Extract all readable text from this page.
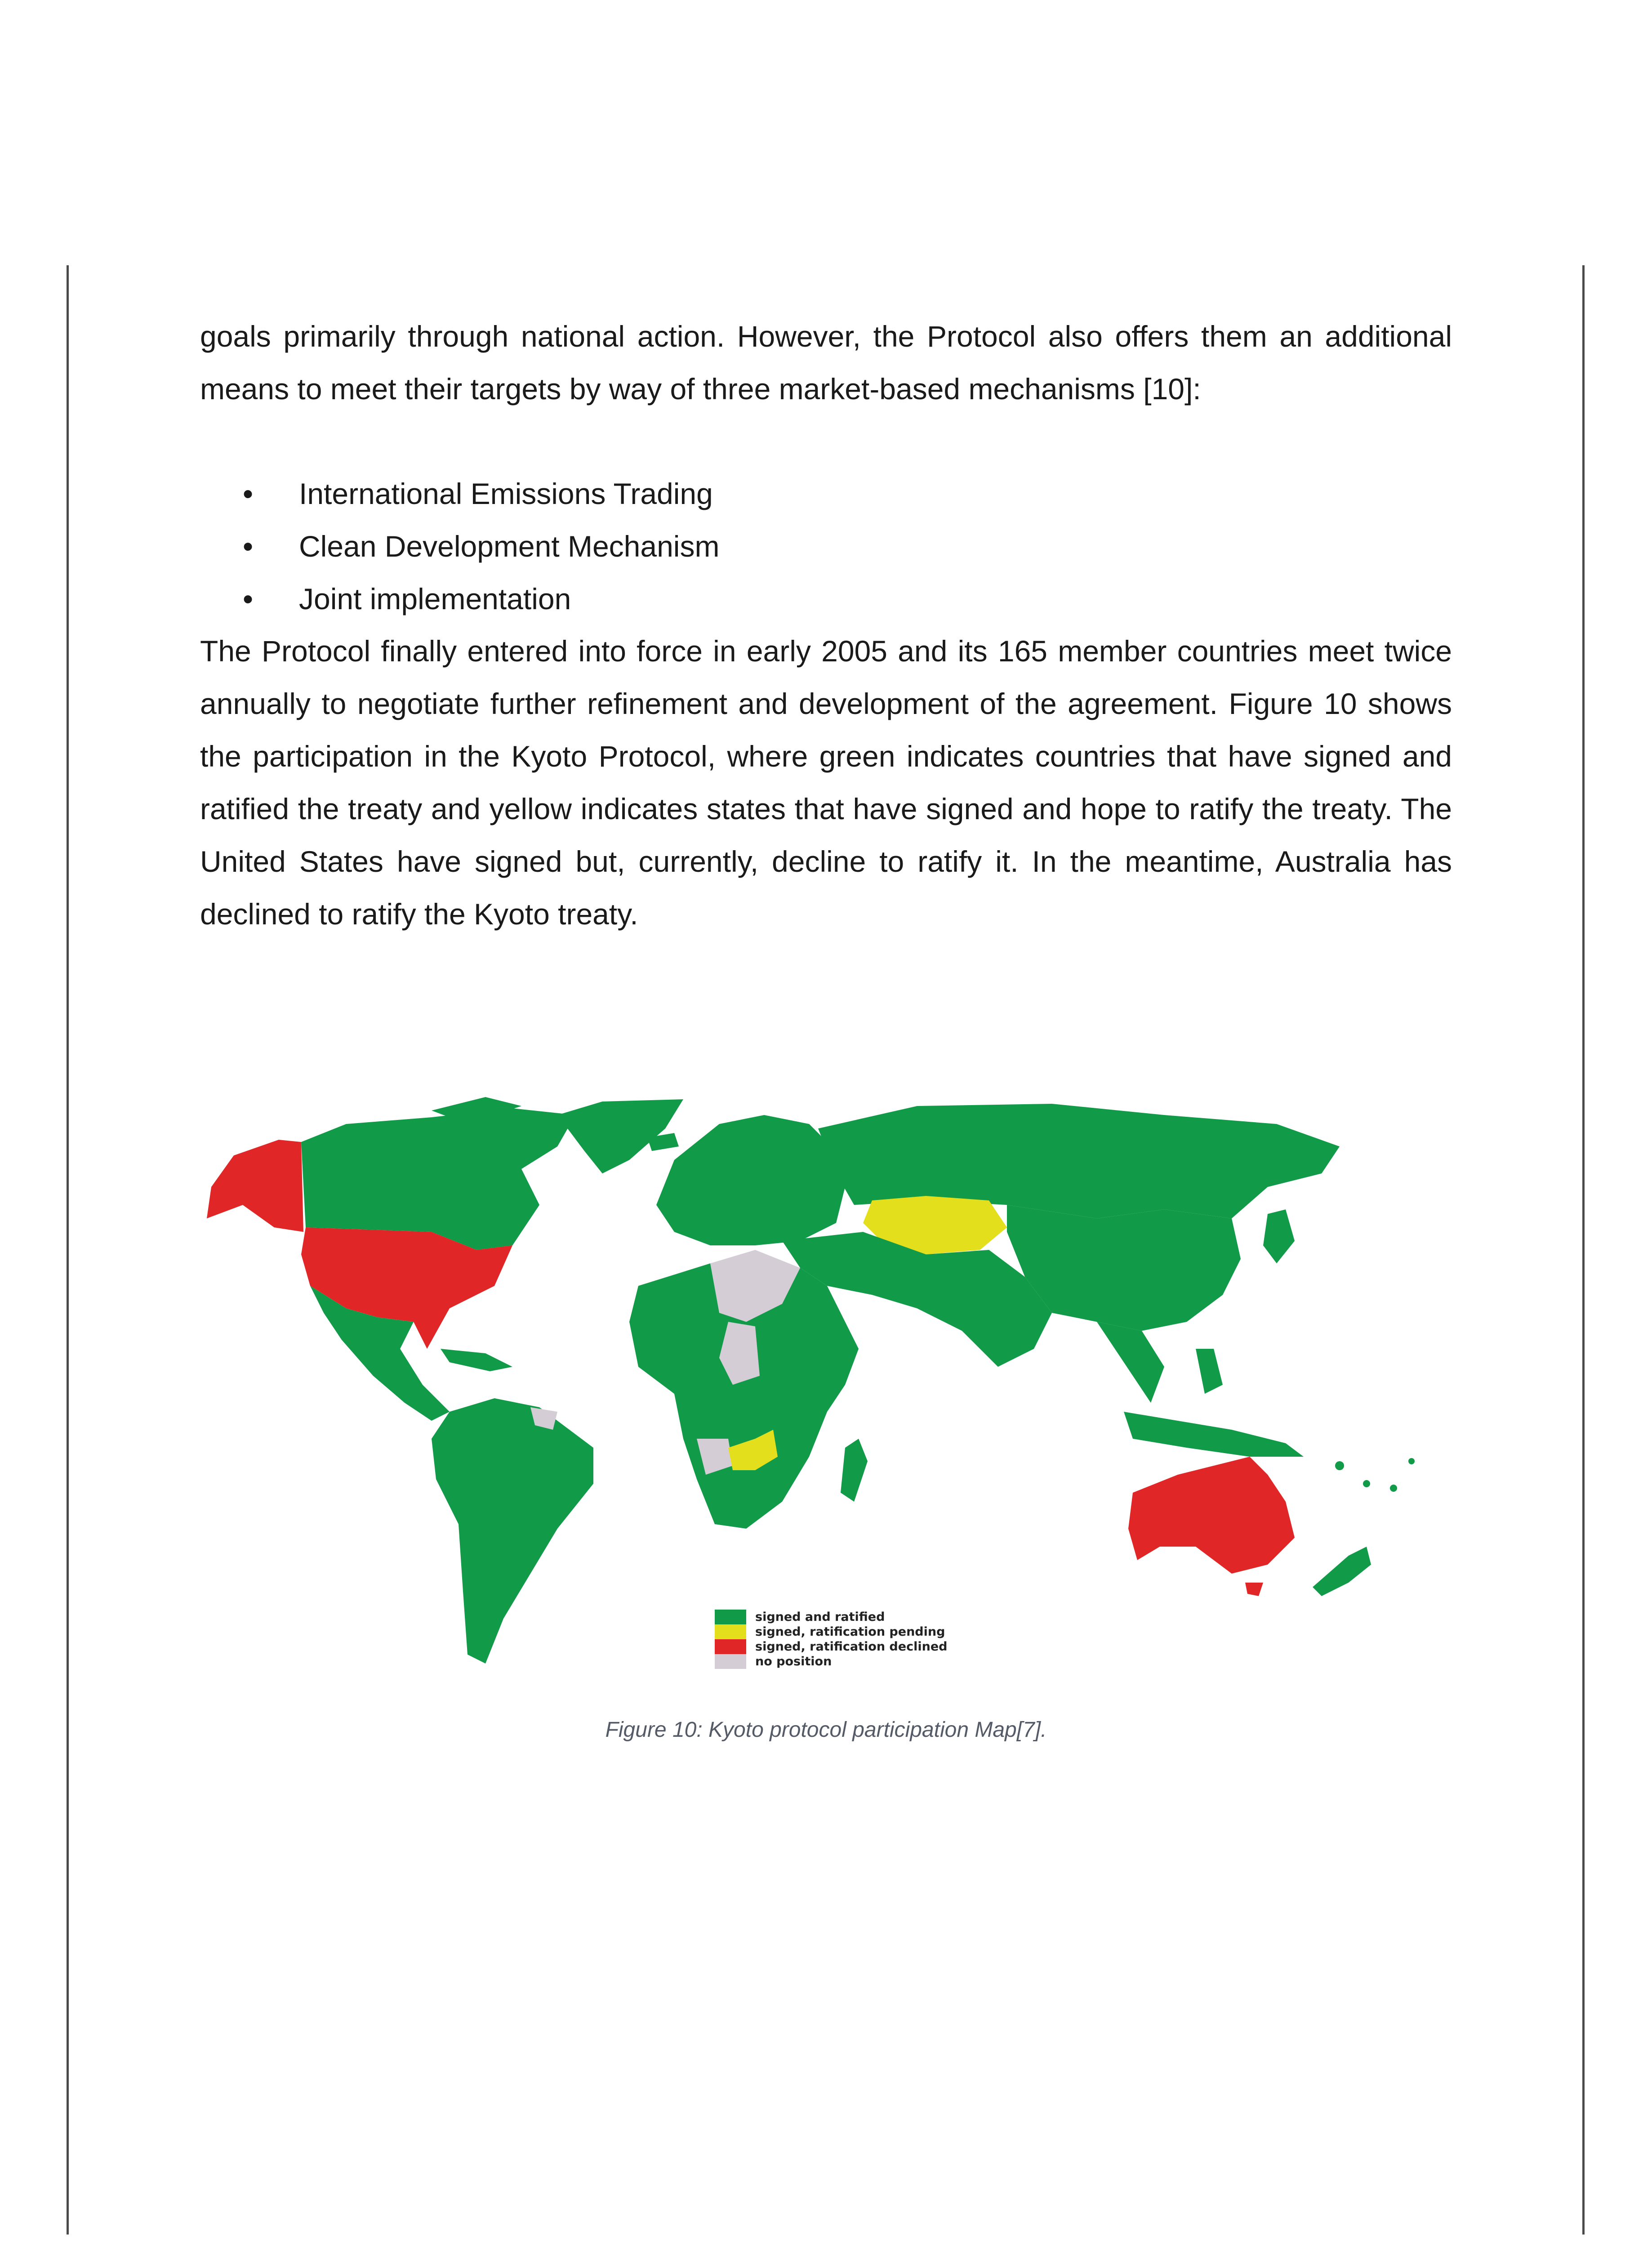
goals primarily through national action. However, the Protocol also offers them an additional means to meet their targets by way of three market-based mechanisms [10]:

• International Emissions Trading
• Clean Development Mechanism
• Joint implementation

The Protocol finally entered into force in early 2005 and its 165 member countries meet twice annually to negotiate further refinement and development of the agreement. Figure 10 shows the participation in the Kyoto Protocol, where green indicates countries that have signed and ratified the treaty and yellow indicates states that have signed and hope to ratify the treaty. The United States have signed but, currently, decline to ratify it. In the meantime, Australia has declined to ratify the Kyoto treaty.

signed and ratified
signed, ratification pending
signed, ratification declined
no position
Figure 10: Kyoto protocol participation Map[7].
